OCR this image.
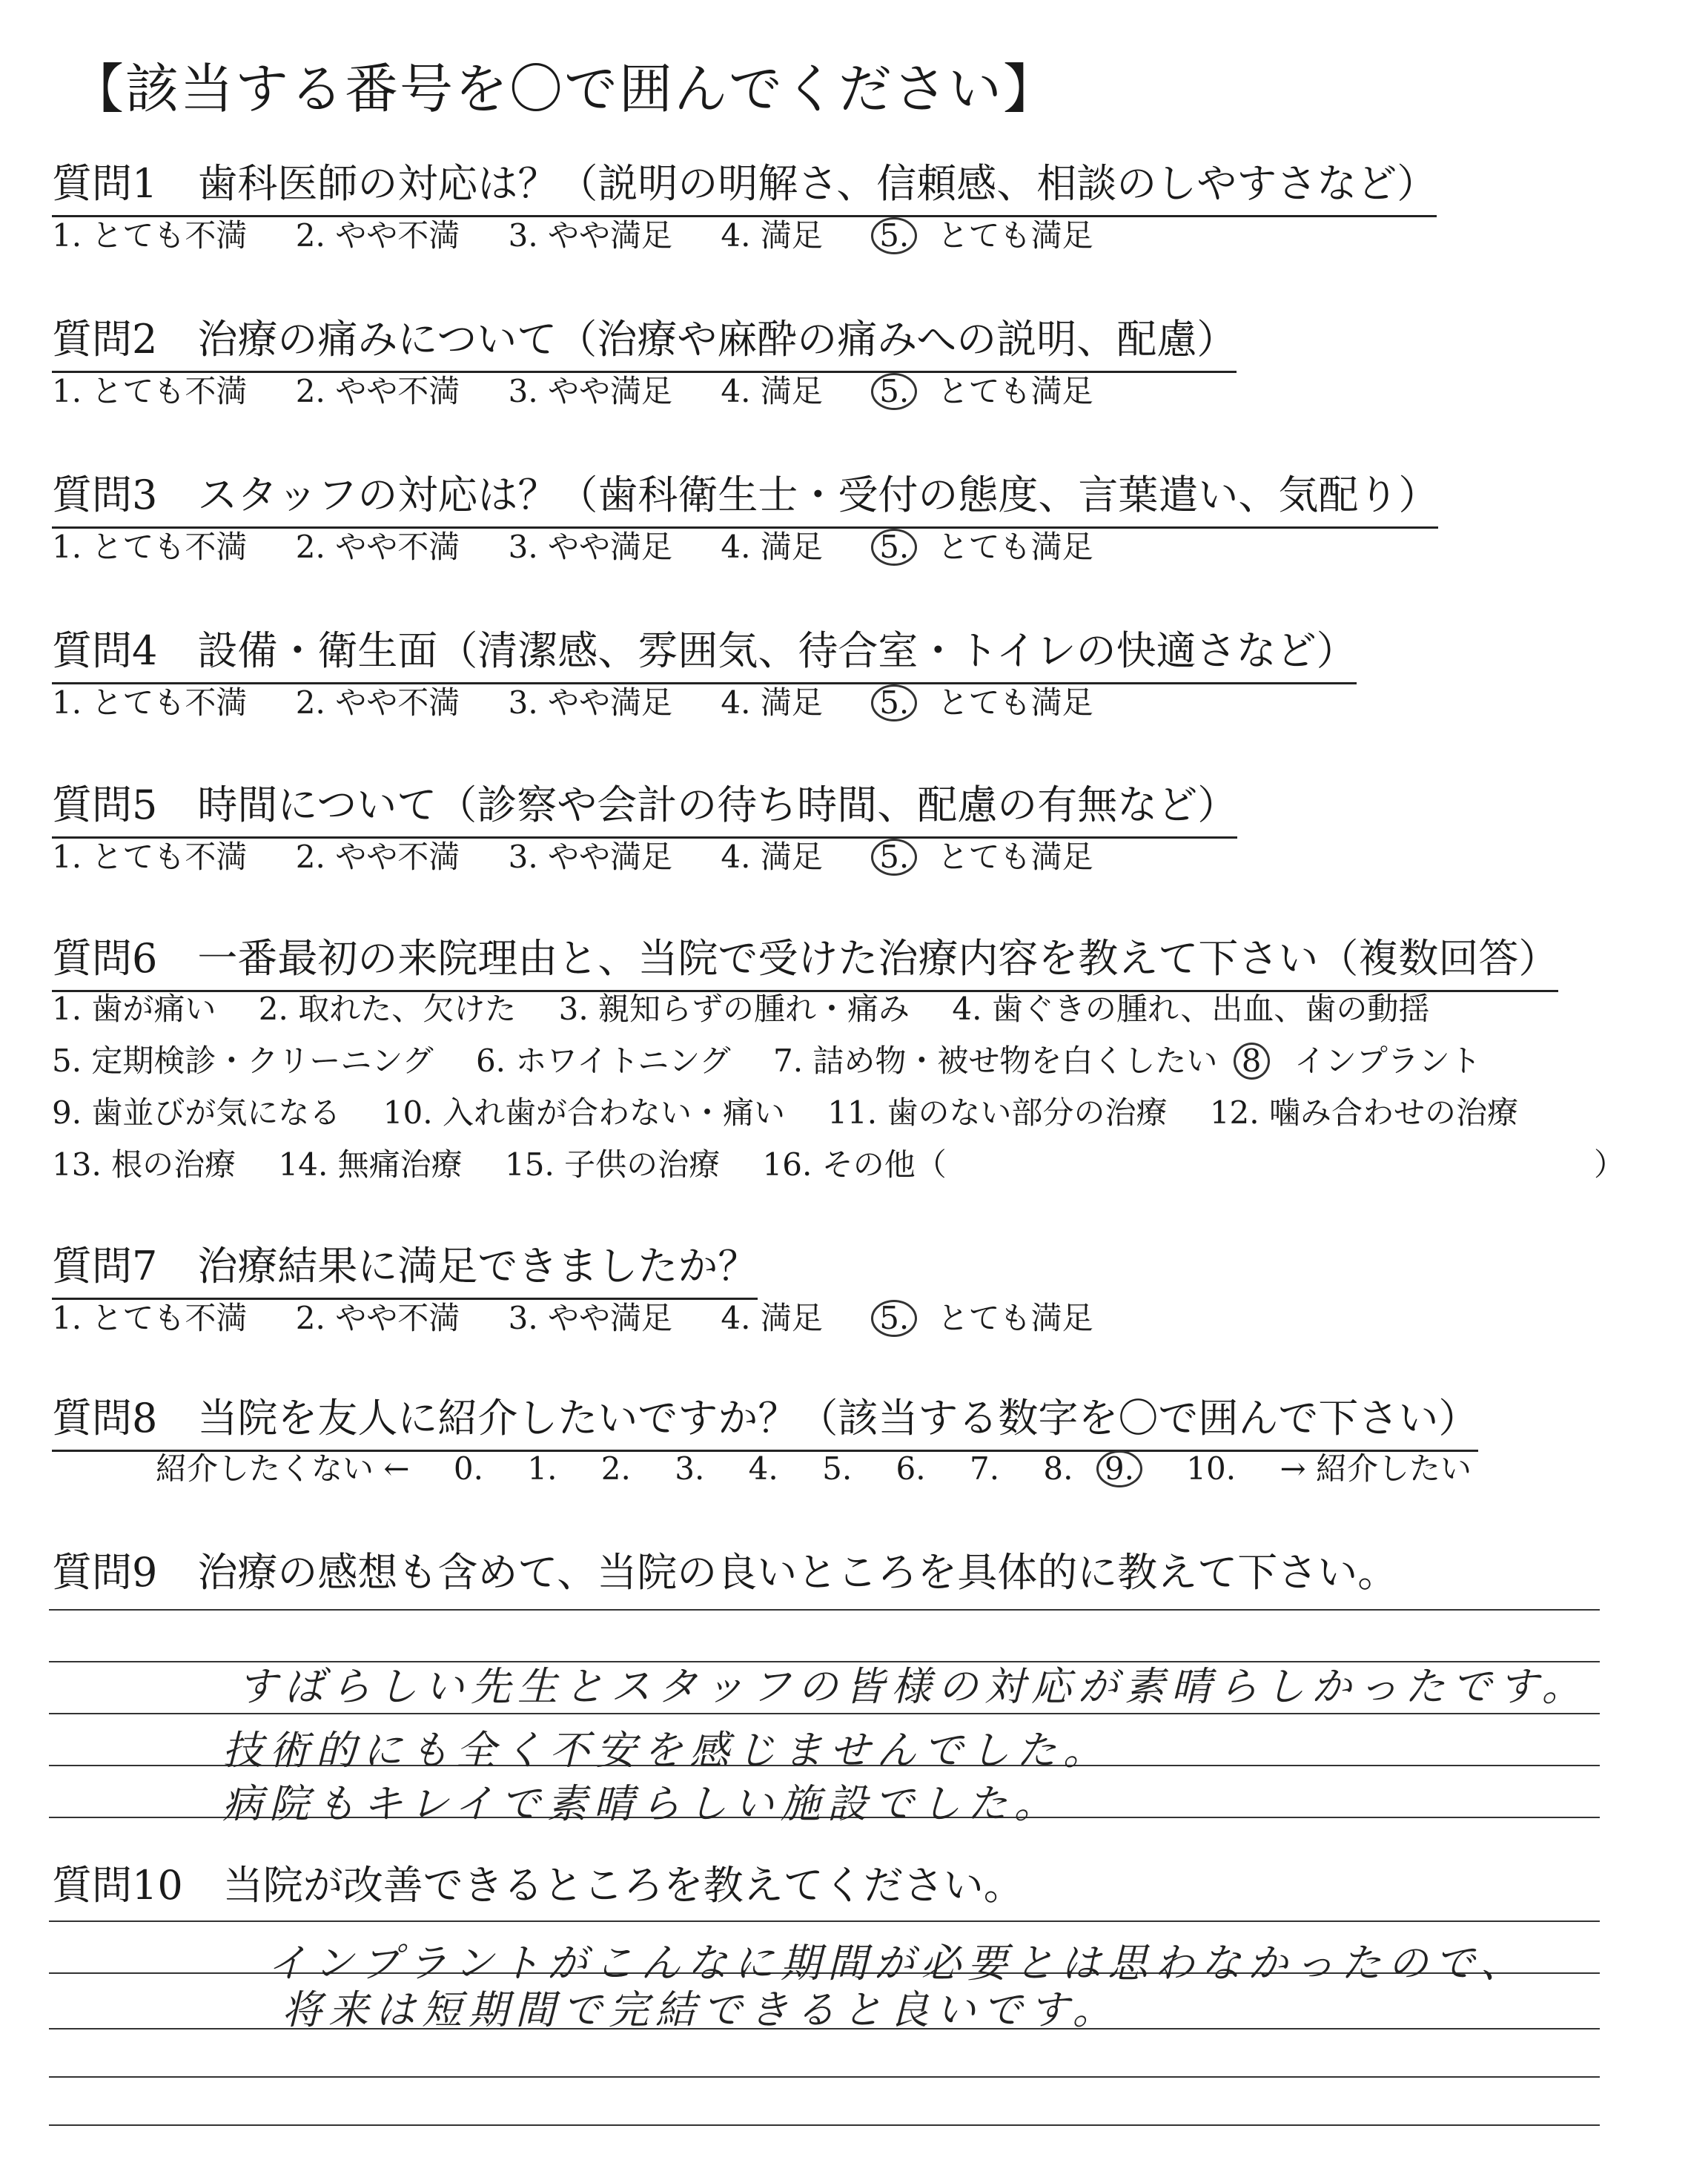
【該当する番号を〇で囲んでください】
質問1　歯科医師の対応は？（説明の明解さ、信頼感、相談のしやすさなど）
1. とても不満 2. やや不満 3. やや満足 4. 満足 5. とても満足
質問2　治療の痛みについて（治療や麻酔の痛みへの説明、配慮）
1. とても不満 2. やや不満 3. やや満足 4. 満足 5. とても満足
質問3　スタッフの対応は？（歯科衛生士・受付の態度、言葉遣い、気配り）
1. とても不満 2. やや不満 3. やや満足 4. 満足 5. とても満足
質問4　設備・衛生面（清潔感、雰囲気、待合室・トイレの快適さなど）
1. とても不満 2. やや不満 3. やや満足 4. 満足 5. とても満足
質問5　時間について（診察や会計の待ち時間、配慮の有無など）
1. とても不満 2. やや不満 3. やや満足 4. 満足 5. とても満足
質問6　一番最初の来院理由と、当院で受けた治療内容を教えて下さい（複数回答）
1. 歯が痛い 2. 取れた、欠けた 3. 親知らずの腫れ・痛み 4. 歯ぐきの腫れ、出血、歯の動揺
5. 定期検診・クリーニング 6. ホワイトニング 7. 詰め物・被せ物を白くしたい 8 インプラント
9. 歯並びが気になる 10. 入れ歯が合わない・痛い 11. 歯のない部分の治療 12. 噛み合わせの治療
13. 根の治療 14. 無痛治療 15. 子供の治療 16. その他（	）
質問7　治療結果に満足できましたか？
1. とても不満 2. やや不満 3. やや満足 4. 満足 5. とても満足
質問8　当院を友人に紹介したいですか？（該当する数字を〇で囲んで下さい）
紹介したくない ← 0. 1. 2. 3. 4. 5. 6. 7. 8. 9. 10. → 紹介したい
質問9　治療の感想も含めて、当院の良いところを具体的に教えて下さい。
すばらしい先生とスタッフの皆様の対応が素晴らしかったです。
技術的にも全く不安を感じませんでした。
病院もキレイで素晴らしい施設でした。
質問10　当院が改善できるところを教えてください。
インプラントがこんなに期間が必要とは思わなかったので、
将来は短期間で完結できると良いです。
